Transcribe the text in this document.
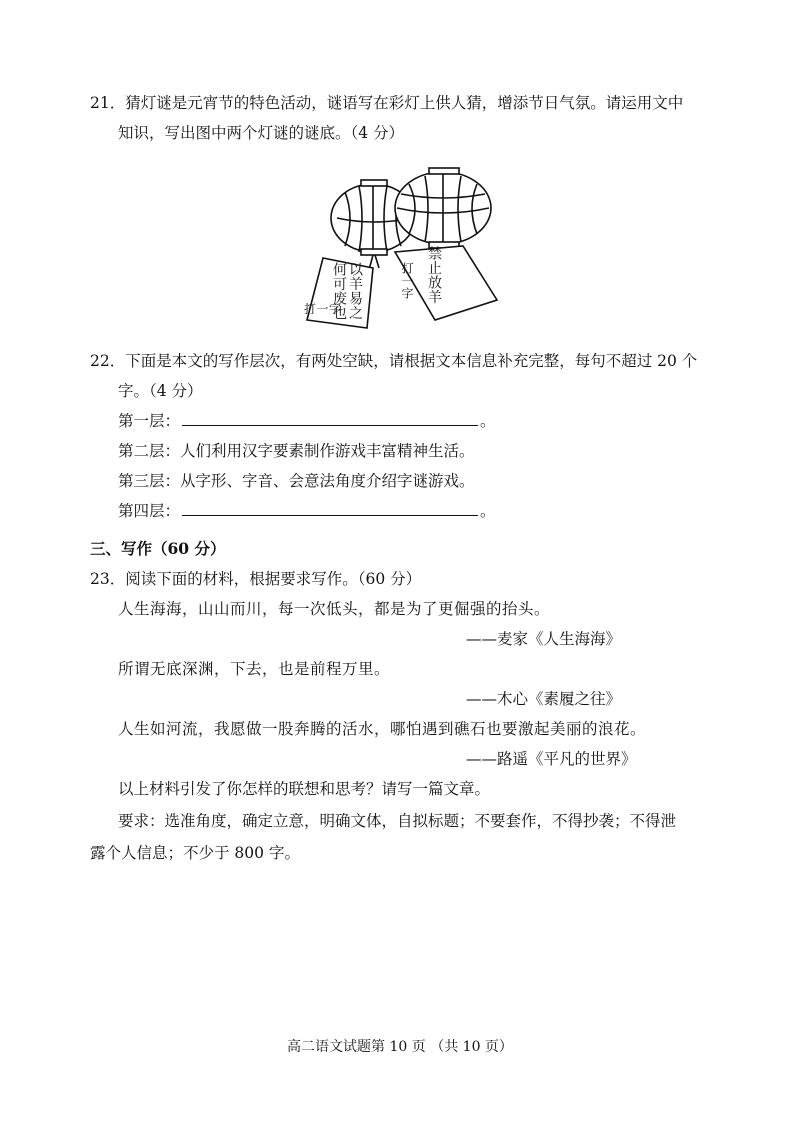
21．猜灯谜是元宵节的特色活动，谜语写在彩灯上供人猜，增添节日气氛。请运用文中
知识，写出图中两个灯谜的谜底。（4 分）
以羊易之 何可废也
打一字
禁止放羊
打一字
22．下面是本文的写作层次，有两处空缺，请根据文本信息补充完整，每句不超过 20 个
字。（4 分）
第一层：	。
第二层：人们利用汉字要素制作游戏丰富精神生活。
第三层：从字形、字音、会意法角度介绍字谜游戏。
第四层：	。
三、写作（60 分）
23．阅读下面的材料，根据要求写作。（60 分）
人生海海，山山而川，每一次低头，都是为了更倔强的抬头。
——麦家《人生海海》
所谓无底深渊，下去，也是前程万里。
——木心《素履之往》
人生如河流，我愿做一股奔腾的活水，哪怕遇到礁石也要激起美丽的浪花。
——路遥《平凡的世界》
以上材料引发了你怎样的联想和思考？请写一篇文章。
要求：选准角度，确定立意，明确文体，自拟标题；不要套作，不得抄袭；不得泄
露个人信息；不少于 800 字。
高二语文试题第 10 页 （共 10 页）
